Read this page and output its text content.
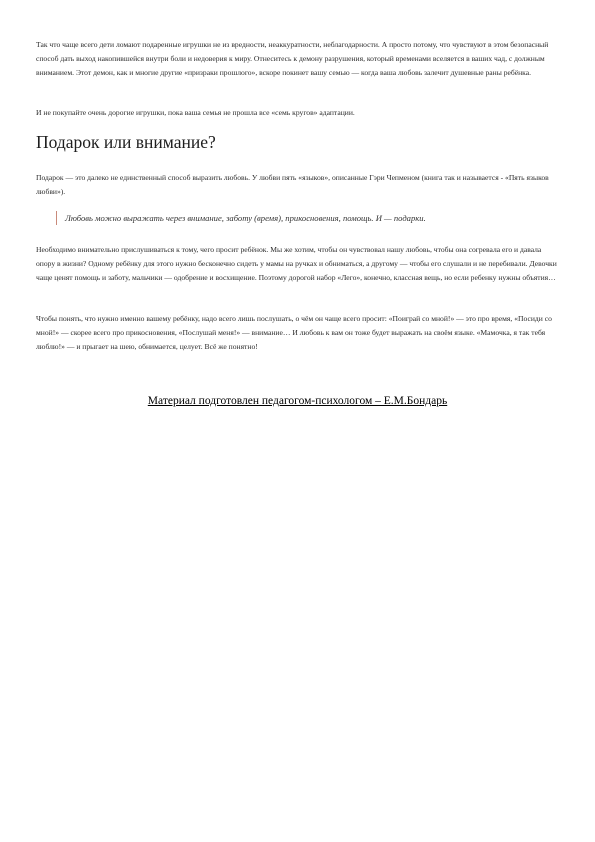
Так что чаще всего дети ломают подаренные игрушки не из вредности, неаккуратности, неблагодарности. А просто потому, что чувствуют в этом безопасный способ дать выход накопившейся внутри боли и недоверия к миру. Отнеситесь к демону разрушения, который временами вселяется в ваших чад, с должным вниманием. Этот демон, как и многие другие «призраки прошлого», вскоре покинет вашу семью — когда ваша любовь залечит душевные раны ребёнка.

И не покупайте очень дорогие игрушки, пока ваша семья не прошла все «семь кругов» адаптации.

Подарок или внимание?

Подарок — это далеко не единственный способ выразить любовь. У любви пять «языков», описанные Гэри Чепменом (книга так и называется - «Пять языков любви»).

Любовь можно выражать через внимание, заботу (время), прикосновения, помощь. И — подарки.

Необходимо внимательно прислушиваться к тому, чего просит ребёнок. Мы же хотим, чтобы он чувствовал нашу любовь, чтобы она согревала его и давала опору в жизни? Одному ребёнку для этого нужно бесконечно сидеть у мамы на ручках и обниматься, а другому — чтобы его слушали и не перебивали. Девочки чаще ценят помощь и заботу, мальчики — одобрение и восхищение. Поэтому дорогой набор «Лего», конечно, классная вещь, но если ребенку нужны объятия…

Чтобы понять, что нужно именно вашему ребёнку, надо всего лишь послушать, о чём он чаще всего просит: «Поиграй со мной!» — это про время, «Посиди со мной!» — скорее всего про прикосновения, «Послушай меня!» — внимание… И любовь к вам он тоже будет выражать на своём языке. «Мамочка, я так тебя люблю!» — и прыгает на шею, обнимается, целует. Всё же понятно!

Материал подготовлен педагогом-психологом – Е.М.Бондарь
